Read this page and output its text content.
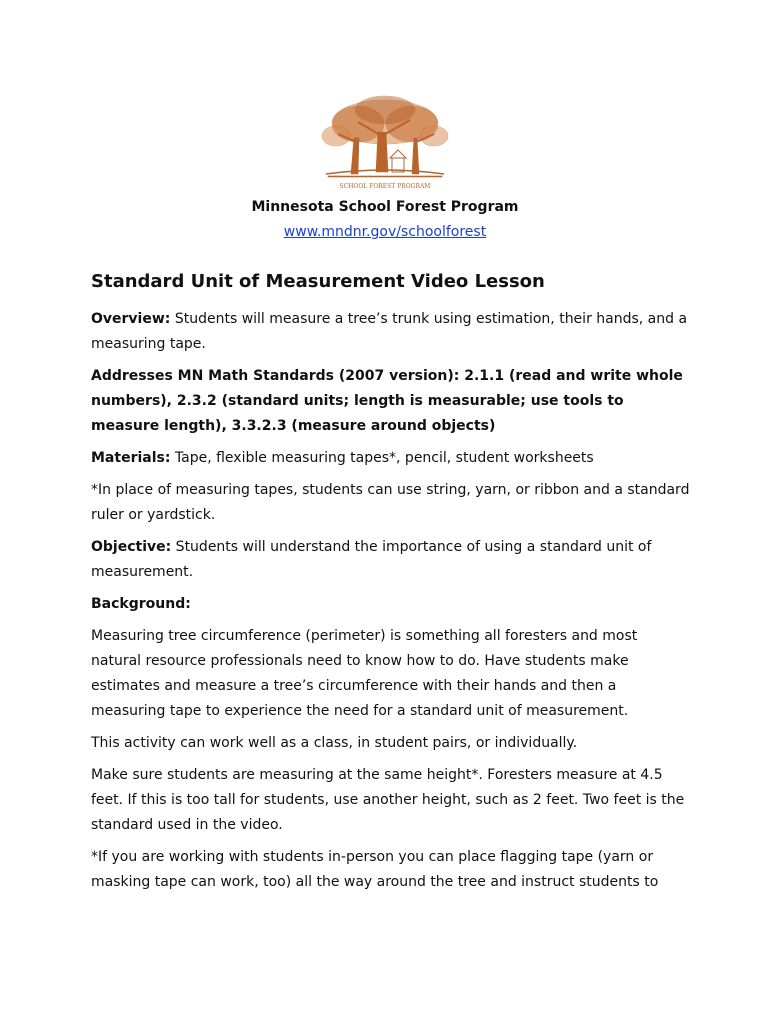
SCHOOL FOREST PROGRAM
Minnesota School Forest Program
www.mndnr.gov/schoolforest
Standard Unit of Measurement Video Lesson

Overview: Students will measure a tree’s trunk using estimation, their hands, and a measuring tape.

Addresses MN Math Standards (2007 version): 2.1.1 (read and write whole numbers), 2.3.2 (standard units; length is measurable; use tools to measure length), 3.3.2.3 (measure around objects)

Materials: Tape, flexible measuring tapes*, pencil, student worksheets

*In place of measuring tapes, students can use string, yarn, or ribbon and a standard ruler or yardstick.

Objective: Students will understand the importance of using a standard unit of measurement.

Background:

Measuring tree circumference (perimeter) is something all foresters and most natural resource professionals need to know how to do. Have students make estimates and measure a tree’s circumference with their hands and then a measuring tape to experience the need for a standard unit of measurement.

This activity can work well as a class, in student pairs, or individually.

Make sure students are measuring at the same height*. Foresters measure at 4.5 feet. If this is too tall for students, use another height, such as 2 feet. Two feet is the standard used in the video.

*If you are working with students in-person you can place flagging tape (yarn or masking tape can work, too) all the way around the tree and instruct students to
